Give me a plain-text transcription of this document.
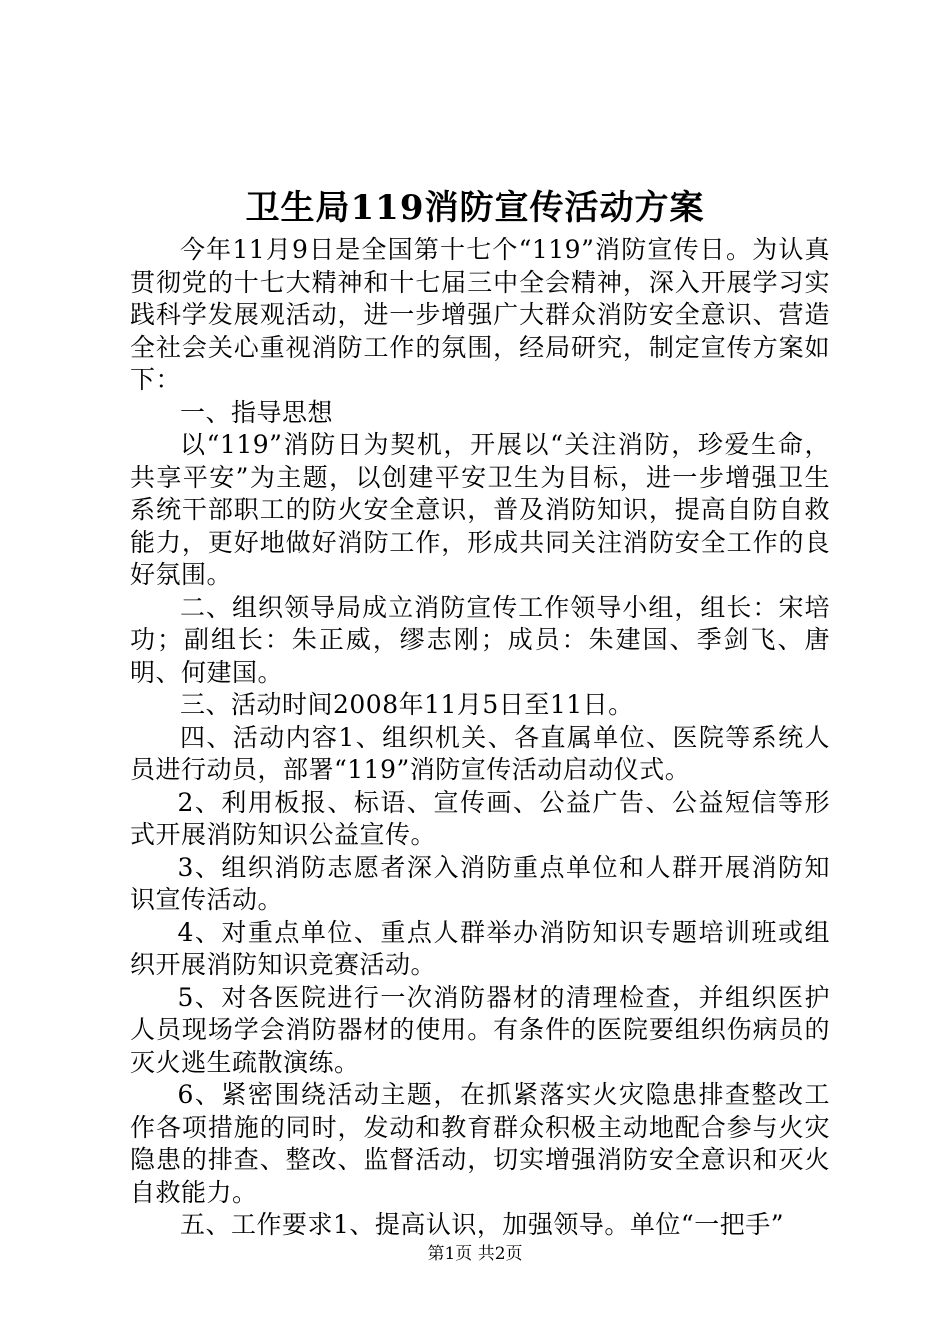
卫生局119消防宣传活动方案

今年11月9日是全国第十七个“119”消防宣传日。为认真贯彻党的十七大精神和十七届三中全会精神，深入开展学习实践科学发展观活动，进一步增强广大群众消防安全意识、营造全社会关心重视消防工作的氛围，经局研究，制定宣传方案如下：

一、指导思想

以“119”消防日为契机，开展以“关注消防，珍爱生命，共享平安”为主题，以创建平安卫生为目标，进一步增强卫生系统干部职工的防火安全意识，普及消防知识，提高自防自救能力，更好地做好消防工作，形成共同关注消防安全工作的良好氛围。

二、组织领导局成立消防宣传工作领导小组，组长：宋培功；副组长：朱正威，缪志刚；成员：朱建国、季剑飞、唐明、何建国。

三、活动时间2008年11月5日至11日。

四、活动内容1、组织机关、各直属单位、医院等系统人员进行动员，部署“119”消防宣传活动启动仪式。

2、利用板报、标语、宣传画、公益广告、公益短信等形式开展消防知识公益宣传。

3、组织消防志愿者深入消防重点单位和人群开展消防知识宣传活动。

4、对重点单位、重点人群举办消防知识专题培训班或组织开展消防知识竞赛活动。

5、对各医院进行一次消防器材的清理检查，并组织医护人员现场学会消防器材的使用。有条件的医院要组织伤病员的灭火逃生疏散演练。

6、紧密围绕活动主题，在抓紧落实火灾隐患排查整改工作各项措施的同时，发动和教育群众积极主动地配合参与火灾隐患的排查、整改、监督活动，切实增强消防安全意识和灭火自救能力。

五、工作要求1、提高认识，加强领导。单位“一把手”

第1页 共2页
